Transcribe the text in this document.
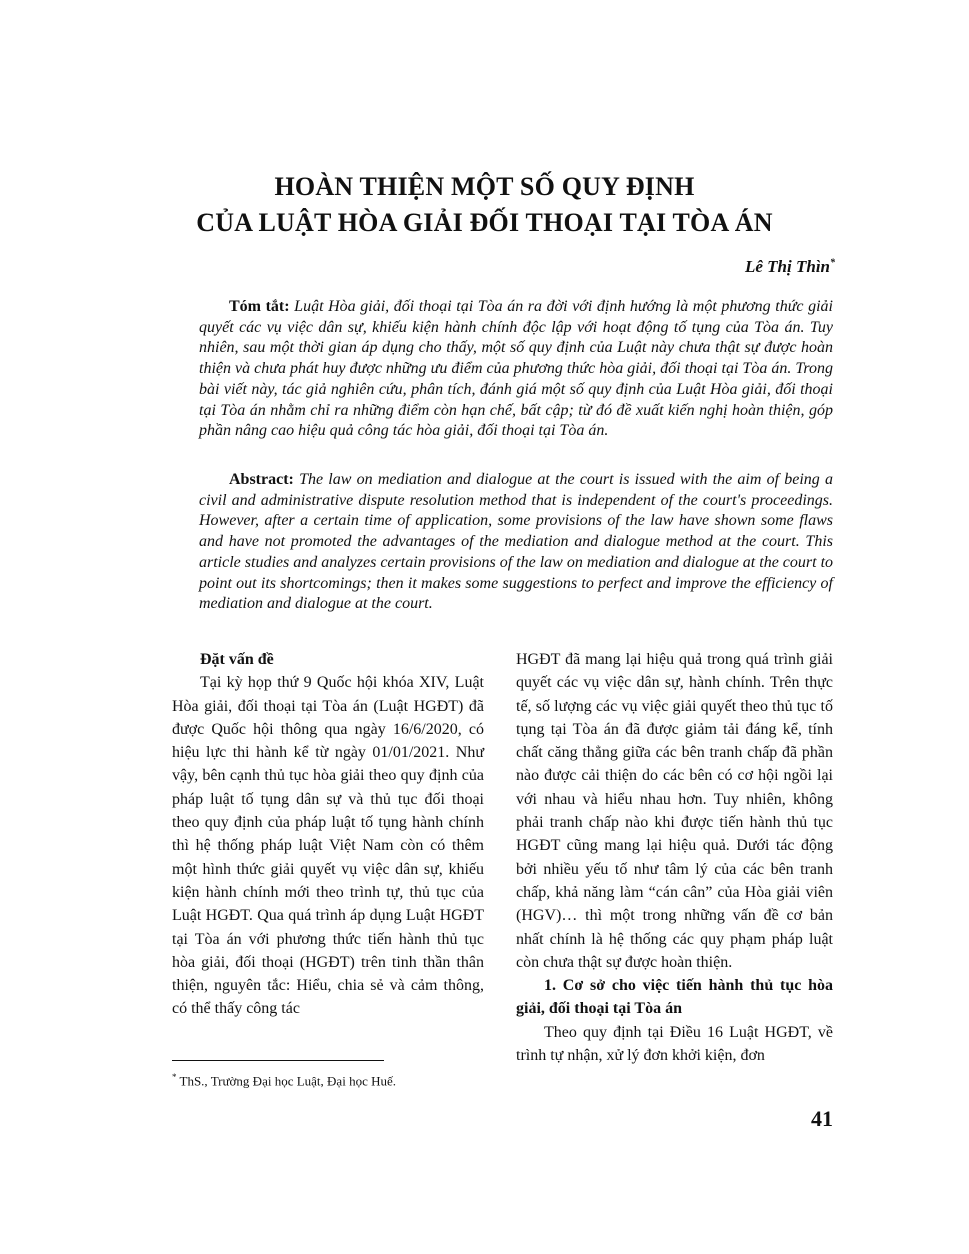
HOÀN THIỆN MỘT SỐ QUY ĐỊNH
CỦA LUẬT HÒA GIẢI ĐỐI THOẠI TẠI TÒA ÁN
Lê Thị Thìn*

Tóm tắt: Luật Hòa giải, đối thoại tại Tòa án ra đời với định hướng là một phương thức giải quyết các vụ việc dân sự, khiếu kiện hành chính độc lập với hoạt động tố tụng của Tòa án. Tuy nhiên, sau một thời gian áp dụng cho thấy, một số quy định của Luật này chưa thật sự được hoàn thiện và chưa phát huy được những ưu điểm của phương thức hòa giải, đối thoại tại Tòa án. Trong bài viết này, tác giả nghiên cứu, phân tích, đánh giá một số quy định của Luật Hòa giải, đối thoại tại Tòa án nhằm chỉ ra những điểm còn hạn chế, bất cập; từ đó đề xuất kiến nghị hoàn thiện, góp phần nâng cao hiệu quả công tác hòa giải, đối thoại tại Tòa án.

Abstract: The law on mediation and dialogue at the court is issued with the aim of being a civil and administrative dispute resolution method that is independent of the court's proceedings. However, after a certain time of application, some provisions of the law have shown some flaws and have not promoted the advantages of the mediation and dialogue method at the court. This article studies and analyzes certain provisions of the law on mediation and dialogue at the court to point out its shortcomings; then it makes some suggestions to perfect and improve the efficiency of mediation and dialogue at the court.

Đặt vấn đề

Tại kỳ họp thứ 9 Quốc hội khóa XIV, Luật Hòa giải, đối thoại tại Tòa án (Luật HGĐT) đã được Quốc hội thông qua ngày 16/6/2020, có hiệu lực thi hành kể từ ngày 01/01/2021. Như vậy, bên cạnh thủ tục hòa giải theo quy định của pháp luật tố tụng dân sự và thủ tục đối thoại theo quy định của pháp luật tố tụng hành chính thì hệ thống pháp luật Việt Nam còn có thêm một hình thức giải quyết vụ việc dân sự, khiếu kiện hành chính mới theo trình tự, thủ tục của Luật HGĐT. Qua quá trình áp dụng Luật HGĐT tại Tòa án với phương thức tiến hành thủ tục hòa giải, đối thoại (HGĐT) trên tinh thần thân thiện, nguyên tắc: Hiểu, chia sẻ và cảm thông, có thể thấy công tác

HGĐT đã mang lại hiệu quả trong quá trình giải quyết các vụ việc dân sự, hành chính. Trên thực tế, số lượng các vụ việc giải quyết theo thủ tục tố tụng tại Tòa án đã được giảm tải đáng kể, tính chất căng thẳng giữa các bên tranh chấp đã phần nào được cải thiện do các bên có cơ hội ngồi lại với nhau và hiểu nhau hơn. Tuy nhiên, không phải tranh chấp nào khi được tiến hành thủ tục HGĐT cũng mang lại hiệu quả. Dưới tác động bởi nhiều yếu tố như tâm lý của các bên tranh chấp, khả năng làm “cán cân” của Hòa giải viên (HGV)… thì một trong những vấn đề cơ bản nhất chính là hệ thống các quy phạm pháp luật còn chưa thật sự được hoàn thiện.

1. Cơ sở cho việc tiến hành thủ tục hòa giải, đối thoại tại Tòa án

Theo quy định tại Điều 16 Luật HGĐT, về trình tự nhận, xử lý đơn khởi kiện, đơn

* ThS., Trường Đại học Luật, Đại học Huế.
41
